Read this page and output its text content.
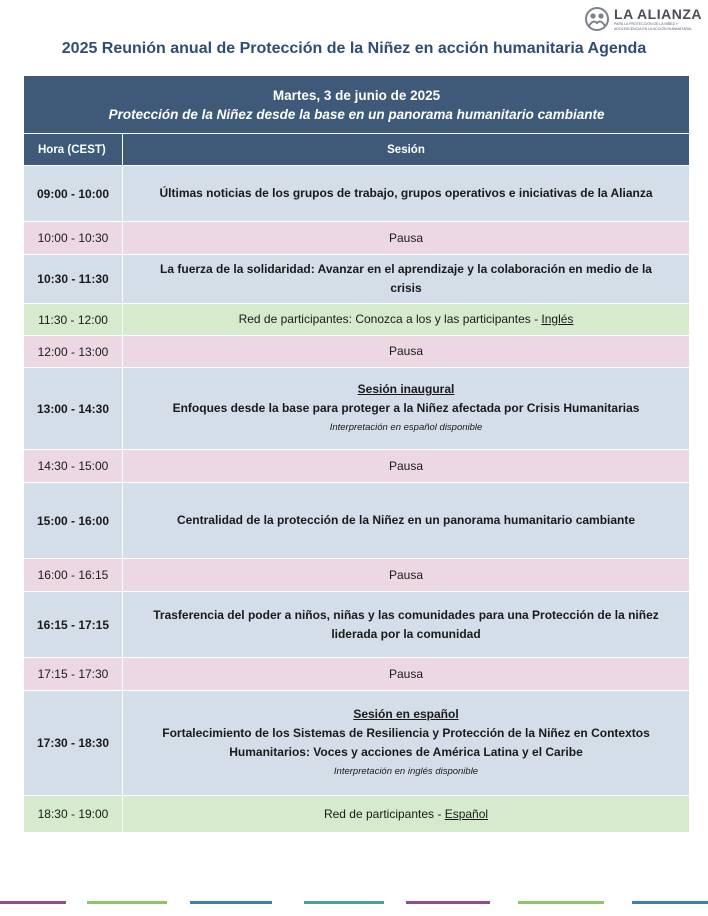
LA ALIANZA
PARA LA PROTECCIÓN DE LA NIÑEZ Y ADOLESCENCIA EN LA ACCIÓN HUMANITARIA
2025 Reunión anual de Protección de la Niñez en acción humanitaria Agenda
Martes, 3 de junio de 2025
Protección de la Niñez desde la base en un panorama humanitario cambiante	

Hora (CEST)	Sesión
09:00 - 10:00	Últimas noticias de los grupos de trabajo, grupos operativos e iniciativas de la Alianza
10:00 - 10:30	Pausa
10:30 - 11:30	La fuerza de la solidaridad: Avanzar en el aprendizaje y la colaboración en medio de la crisis
11:30 - 12:00	Red de participantes: Conozca a los y las participantes - Inglés
12:00 - 13:00	Pausa
13:00 - 14:30	Sesión inaugural
Enfoques desde la base para proteger a la Niñez afectada por Crisis Humanitarias
Interpretación en español disponible

14:30 - 15:00	Pausa
15:00 - 16:00	Centralidad de la protección de la Niñez en un panorama humanitario cambiante
16:00 - 16:15	Pausa
16:15 - 17:15	Trasferencia del poder a niños, niñas y las comunidades para una Protección de la niñez liderada por la comunidad
17:15 - 17:30	Pausa
17:30 - 18:30	Sesión en español
Fortalecimiento de los Sistemas de Resiliencia y Protección de la Niñez en Contextos Humanitarios: Voces y acciones de América Latina y el Caribe
Interpretación en inglés disponible

18:30 - 19:00	Red de participantes - Español
